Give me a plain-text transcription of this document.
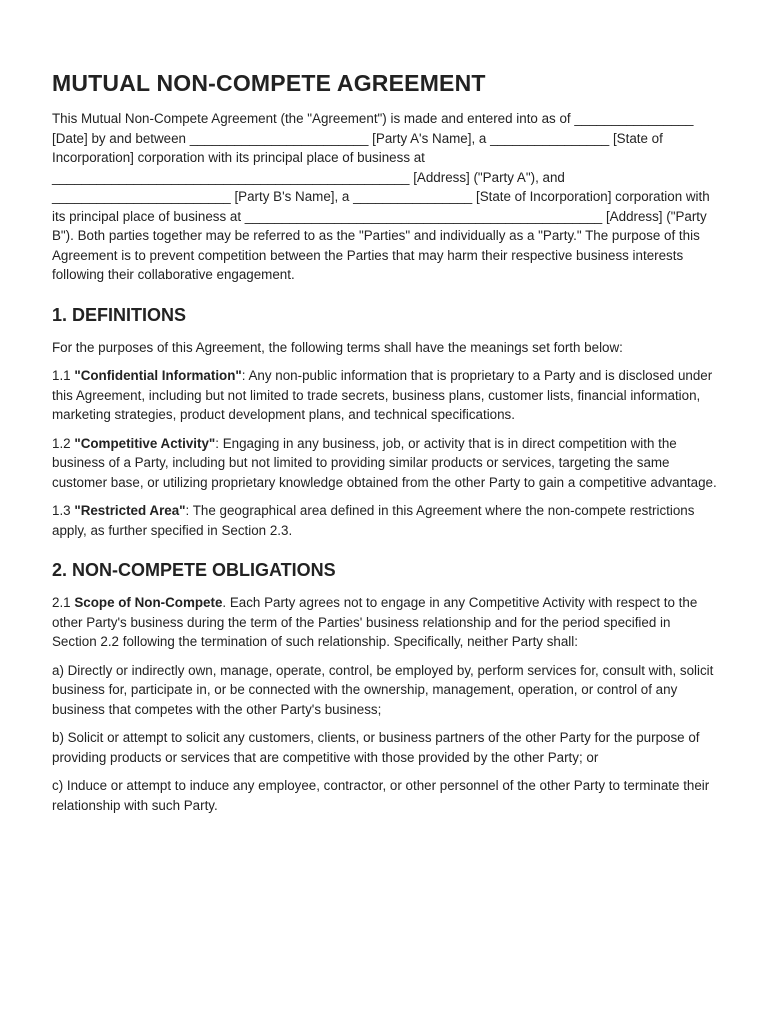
MUTUAL NON-COMPETE AGREEMENT

This Mutual Non-Compete Agreement (the "Agreement") is made and entered into as of ________________ [Date] by and between ________________________ [Party A's Name], a ________________ [State of Incorporation] corporation with its principal place of business at ________________________________________________ [Address] ("Party A"), and ________________________ [Party B's Name], a ________________ [State of Incorporation] corporation with its principal place of business at ________________________________________________ [Address] ("Party B"). Both parties together may be referred to as the "Parties" and individually as a "Party." The purpose of this Agreement is to prevent competition between the Parties that may harm their respective business interests following their collaborative engagement.

1. DEFINITIONS

For the purposes of this Agreement, the following terms shall have the meanings set forth below:

1.1 "Confidential Information": Any non-public information that is proprietary to a Party and is disclosed under this Agreement, including but not limited to trade secrets, business plans, customer lists, financial information, marketing strategies, product development plans, and technical specifications.

1.2 "Competitive Activity": Engaging in any business, job, or activity that is in direct competition with the business of a Party, including but not limited to providing similar products or services, targeting the same customer base, or utilizing proprietary knowledge obtained from the other Party to gain a competitive advantage.

1.3 "Restricted Area": The geographical area defined in this Agreement where the non-compete restrictions apply, as further specified in Section 2.3.

2. NON-COMPETE OBLIGATIONS

2.1 Scope of Non-Compete. Each Party agrees not to engage in any Competitive Activity with respect to the other Party's business during the term of the Parties' business relationship and for the period specified in Section 2.2 following the termination of such relationship. Specifically, neither Party shall:

a) Directly or indirectly own, manage, operate, control, be employed by, perform services for, consult with, solicit business for, participate in, or be connected with the ownership, management, operation, or control of any business that competes with the other Party's business;

b) Solicit or attempt to solicit any customers, clients, or business partners of the other Party for the purpose of providing products or services that are competitive with those provided by the other Party; or

c) Induce or attempt to induce any employee, contractor, or other personnel of the other Party to terminate their relationship with such Party.
